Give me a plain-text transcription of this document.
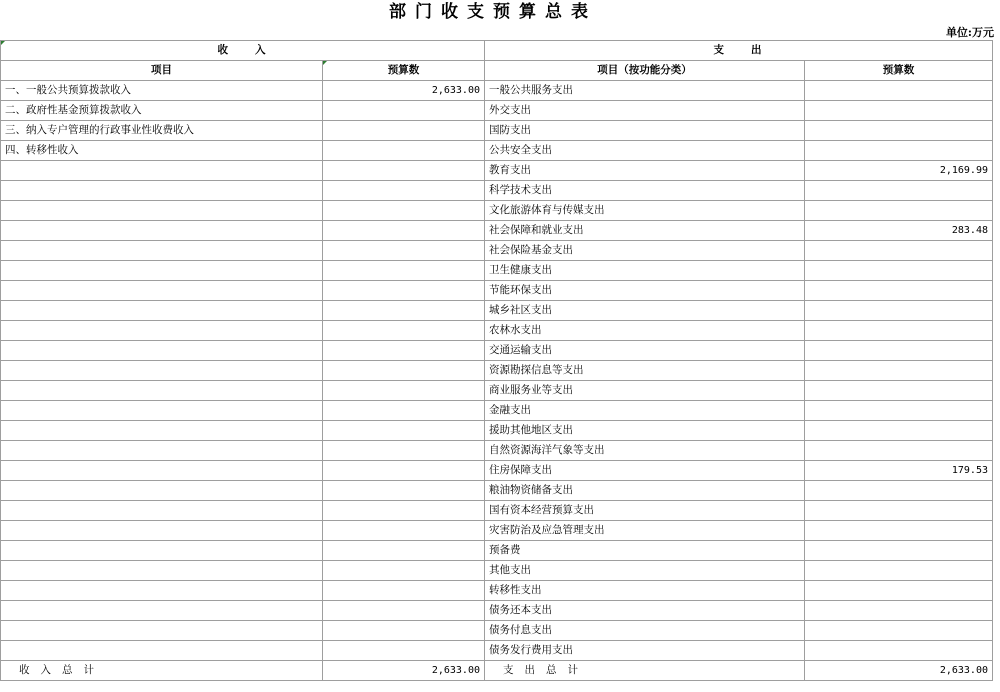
部门收支预算总表
单位:万元
收　　入		支　　出	
项目	预算数	项目（按功能分类）	预算数
一、一般公共预算拨款收入	2,633.00	一般公共服务支出	
二、政府性基金预算拨款收入		外交支出	
三、纳入专户管理的行政事业性收费收入		国防支出	
四、转移性收入		公共安全支出	
		教育支出	2,169.99
		科学技术支出	
		文化旅游体育与传媒支出	
		社会保障和就业支出	283.48
		社会保险基金支出	
		卫生健康支出	
		节能环保支出	
		城乡社区支出	
		农林水支出	
		交通运输支出	
		资源勘探信息等支出	
		商业服务业等支出	
		金融支出	
		援助其他地区支出	
		自然资源海洋气象等支出	
		住房保障支出	179.53
		粮油物资储备支出	
		国有资本经营预算支出	
		灾害防治及应急管理支出	
		预备费	
		其他支出	
		转移性支出	
		债务还本支出	
		债务付息支出	
		债务发行费用支出	
收入总计	2,633.00	支出总计	2,633.00
